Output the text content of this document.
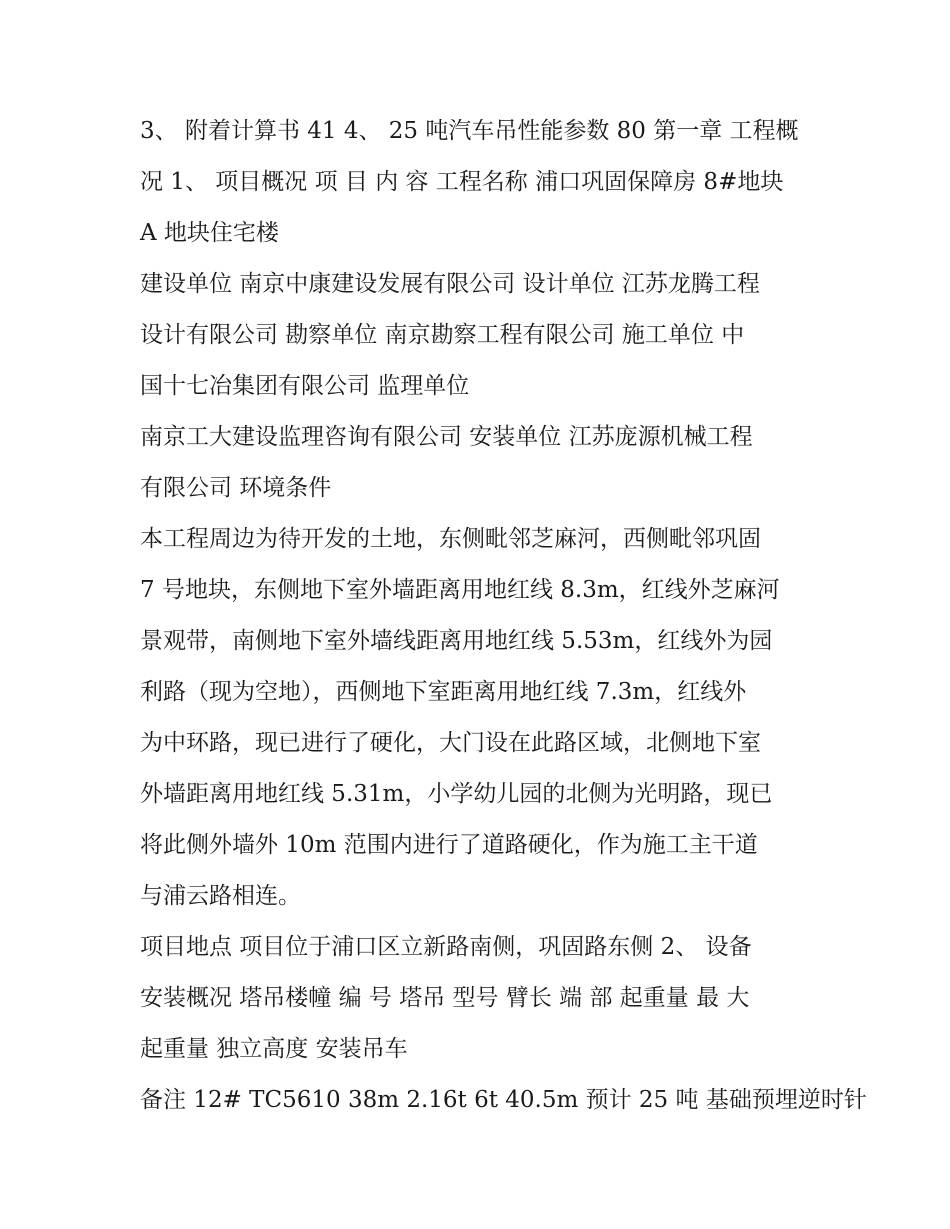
3、 附着计算书 41 4、 25 吨汽车吊性能参数 80 第一章 工程概
况 1、 项目概况 项 目 内 容 工程名称 浦口巩固保障房 8#地块
A 地块住宅楼
建设单位 南京中康建设发展有限公司 设计单位 江苏龙腾工程
设计有限公司 勘察单位 南京勘察工程有限公司 施工单位 中
国十七冶集团有限公司 监理单位
南京工大建设监理咨询有限公司 安装单位 江苏庞源机械工程
有限公司 环境条件
本工程周边为待开发的土地，东侧毗邻芝麻河，西侧毗邻巩固
7 号地块，东侧地下室外墙距离用地红线 8.3m，红线外芝麻河
景观带，南侧地下室外墙线距离用地红线 5.53m，红线外为园
利路（现为空地），西侧地下室距离用地红线 7.3m，红线外
为中环路，现已进行了硬化，大门设在此路区域，北侧地下室
外墙距离用地红线 5.31m，小学幼儿园的北侧为光明路，现已
将此侧外墙外 10m 范围内进行了道路硬化，作为施工主干道
与浦云路相连。
项目地点 项目位于浦口区立新路南侧，巩固路东侧 2、 设备
安装概况 塔吊楼幢 编 号 塔吊 型号 臂长 端 部 起重量 最 大
起重量 独立高度 安装吊车
备注 12# TC5610 38m 2.16t 6t 40.5m 预计 25 吨 基础预埋逆时针
